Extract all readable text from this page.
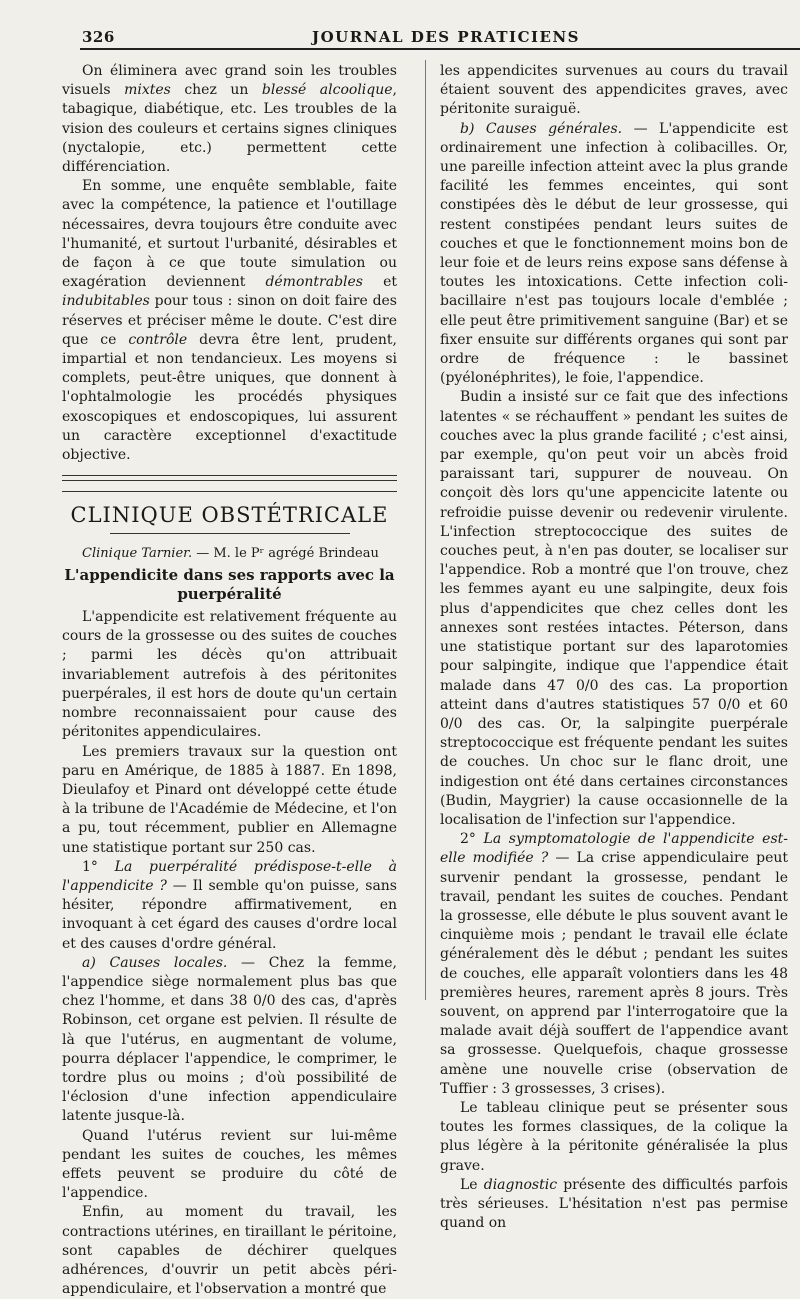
326	JOURNAL DES PRATICIENS

On éliminera avec grand soin les troubles visuels mixtes chez un blessé alcoolique, tabagique, diabétique, etc. Les troubles de la vision des couleurs et certains signes cliniques (nyctalopie, etc.) permettent cette différenciation.

En somme, une enquête semblable, faite avec la compétence, la patience et l'outillage nécessaires, devra toujours être conduite avec l'humanité, et surtout l'urbanité, désirables et de façon à ce que toute simulation ou exagération deviennent démontrables et indubitables pour tous : sinon on doit faire des réserves et préciser même le doute. C'est dire que ce contrôle devra être lent, prudent, impartial et non tendancieux. Les moyens si complets, peut-être uniques, que donnent à l'ophtalmologie les procédés physiques exoscopiques et endoscopiques, lui assurent un caractère exceptionnel d'exactitude objective.

CLINIQUE OBSTÉTRICALE

Clinique Tarnier. — M. le Pʳ agrégé Brindeau

L'appendicite dans ses rapports avec la puerpéralité

L'appendicite est relativement fréquente au cours de la grossesse ou des suites de couches ; parmi les décès qu'on attribuait invariablement autrefois à des péritonites puerpérales, il est hors de doute qu'un certain nombre reconnaissaient pour cause des péritonites appendiculaires.

Les premiers travaux sur la question ont paru en Amérique, de 1885 à 1887. En 1898, Dieulafoy et Pinard ont développé cette étude à la tribune de l'Académie de Médecine, et l'on a pu, tout récemment, publier en Allemagne une statistique portant sur 250 cas.

1° La puerpéralité prédispose-t-elle à l'appendicite ? — Il semble qu'on puisse, sans hésiter, répondre affirmativement, en invoquant à cet égard des causes d'ordre local et des causes d'ordre général.

a) Causes locales. — Chez la femme, l'appendice siège normalement plus bas que chez l'homme, et dans 38 0/0 des cas, d'après Robinson, cet organe est pelvien. Il résulte de là que l'utérus, en augmentant de volume, pourra déplacer l'appendice, le comprimer, le tordre plus ou moins ; d'où possibilité de l'éclosion d'une infection appendiculaire latente jusque-là.

Quand l'utérus revient sur lui-même pendant les suites de couches, les mêmes effets peuvent se produire du côté de l'appendice.

Enfin, au moment du travail, les contractions utérines, en tiraillant le péritoine, sont capables de déchirer quelques adhérences, d'ouvrir un petit abcès péri-appendiculaire, et l'observation a montré que

les appendicites survenues au cours du travail étaient souvent des appendicites graves, avec péritonite suraiguë.

b) Causes générales. — L'appendicite est ordinairement une infection à colibacilles. Or, une pareille infection atteint avec la plus grande facilité les femmes enceintes, qui sont constipées dès le début de leur grossesse, qui restent constipées pendant leurs suites de couches et que le fonctionnement moins bon de leur foie et de leurs reins expose sans défense à toutes les intoxications. Cette infection coli-bacillaire n'est pas toujours locale d'emblée ; elle peut être primitivement sanguine (Bar) et se fixer ensuite sur différents organes qui sont par ordre de fréquence : le bassinet (pyélonéphrites), le foie, l'appendice.

Budin a insisté sur ce fait que des infections latentes « se réchauffent » pendant les suites de couches avec la plus grande facilité ; c'est ainsi, par exemple, qu'on peut voir un abcès froid paraissant tari, suppurer de nouveau. On conçoit dès lors qu'une appencicite latente ou refroidie puisse devenir ou redevenir virulente. L'infection streptococcique des suites de couches peut, à n'en pas douter, se localiser sur l'appendice. Rob a montré que l'on trouve, chez les femmes ayant eu une salpingite, deux fois plus d'appendicites que chez celles dont les annexes sont restées intactes. Péterson, dans une statistique portant sur des laparotomies pour salpingite, indique que l'appendice était malade dans 47 0/0 des cas. La proportion atteint dans d'autres statistiques 57 0/0 et 60 0/0 des cas. Or, la salpingite puerpérale streptococcique est fréquente pendant les suites de couches. Un choc sur le flanc droit, une indigestion ont été dans certaines circonstances (Budin, Maygrier) la cause occasionnelle de la localisation de l'infection sur l'appendice.

2° La symptomatologie de l'appendicite est-elle modifiée ? — La crise appendiculaire peut survenir pendant la grossesse, pendant le travail, pendant les suites de couches. Pendant la grossesse, elle débute le plus souvent avant le cinquième mois ; pendant le travail elle éclate généralement dès le début ; pendant les suites de couches, elle apparaît volontiers dans les 48 premières heures, rarement après 8 jours. Très souvent, on apprend par l'interrogatoire que la malade avait déjà souffert de l'appendice avant sa grossesse. Quelquefois, chaque grossesse amène une nouvelle crise (observation de Tuffier : 3 grossesses, 3 crises).

Le tableau clinique peut se présenter sous toutes les formes classiques, de la colique la plus légère à la péritonite généralisée la plus grave.

Le diagnostic présente des difficultés parfois très sérieuses. L'hésitation n'est pas permise quand on
